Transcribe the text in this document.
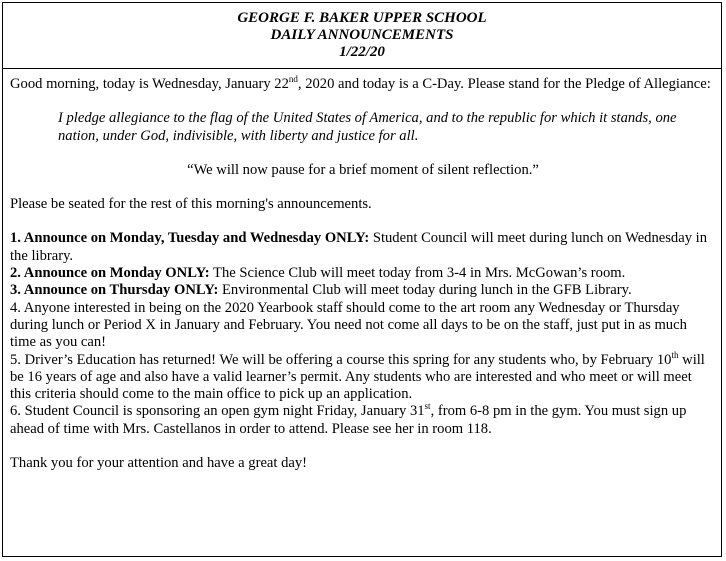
GEORGE F. BAKER UPPER SCHOOL
DAILY ANNOUNCEMENTS
1/22/20

Good morning, today is Wednesday, January 22nd, 2020 and today is a C-Day. Please stand for the Pledge of Allegiance:

I pledge allegiance to the flag of the United States of America, and to the republic for which it stands, one nation, under God, indivisible, with liberty and justice for all.

“We will now pause for a brief moment of silent reflection.”

Please be seated for the rest of this morning's announcements.

1. Announce on Monday, Tuesday and Wednesday ONLY: Student Council will meet during lunch on Wednesday in the library.

2. Announce on Monday ONLY: The Science Club will meet today from 3-4 in Mrs. McGowan’s room.

3. Announce on Thursday ONLY: Environmental Club will meet today during lunch in the GFB Library.

4. Anyone interested in being on the 2020 Yearbook staff should come to the art room any Wednesday or Thursday during lunch or Period X in January and February. You need not come all days to be on the staff, just put in as much time as you can!

5. Driver’s Education has returned! We will be offering a course this spring for any students who, by February 10th will be 16 years of age and also have a valid learner’s permit. Any students who are interested and who meet or will meet this criteria should come to the main office to pick up an application.

6. Student Council is sponsoring an open gym night Friday, January 31st, from 6-8 pm in the gym. You must sign up ahead of time with Mrs. Castellanos in order to attend. Please see her in room 118.

Thank you for your attention and have a great day!
